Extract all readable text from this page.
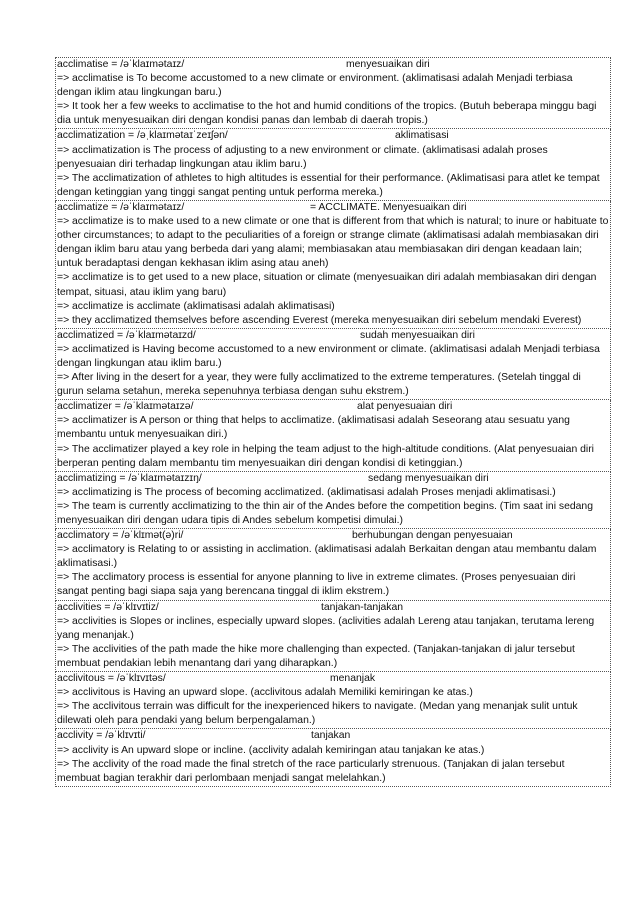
acclimatise = /əˈklaɪmətaɪz/	menyesuaikan diri
=> acclimatise is To become accustomed to a new climate or environment. (aklimatisasi adalah Menjadi terbiasa dengan iklim atau lingkungan baru.)
=> It took her a few weeks to acclimatise to the hot and humid conditions of the tropics. (Butuh beberapa minggu bagi dia untuk menyesuaikan diri dengan kondisi panas dan lembab di daerah tropis.)
acclimatization = /əˌklaɪmətaɪˈzeɪʃən/	aklimatisasi
=> acclimatization is The process of adjusting to a new environment or climate. (aklimatisasi adalah proses penyesuaian diri terhadap lingkungan atau iklim baru.)
=> The acclimatization of athletes to high altitudes is essential for their performance. (Aklimatisasi para atlet ke tempat dengan ketinggian yang tinggi sangat penting untuk performa mereka.)
acclimatize = /əˈklaɪmətaɪz/	= ACCLIMATE. Menyesuaikan diri
=> acclimatize is to make used to a new climate or one that is different from that which is natural; to inure or habituate to other circumstances; to adapt to the peculiarities of a foreign or strange climate (aklimatisasi adalah membiasakan diri dengan iklim baru atau yang berbeda dari yang alami; membiasakan atau membiasakan diri dengan keadaan lain; untuk beradaptasi dengan kekhasan iklim asing atau aneh)
=> acclimatize is to get used to a new place, situation or climate (menyesuaikan diri adalah membiasakan diri dengan tempat, situasi, atau iklim yang baru)
=> acclimatize is acclimate (aklimatisasi adalah aklimatisasi)
=> they acclimatized themselves before ascending Everest (mereka menyesuaikan diri sebelum mendaki Everest)
acclimatized = /əˈklaɪmətaɪzd/	sudah menyesuaikan diri
=> acclimatized is Having become accustomed to a new environment or climate. (aklimatisasi adalah Menjadi terbiasa dengan lingkungan atau iklim baru.)
=> After living in the desert for a year, they were fully acclimatized to the extreme temperatures. (Setelah tinggal di gurun selama setahun, mereka sepenuhnya terbiasa dengan suhu ekstrem.)
acclimatizer = /əˈklaɪmətaɪzə/	alat penyesuaian diri
=> acclimatizer is A person or thing that helps to acclimatize. (aklimatisasi adalah Seseorang atau sesuatu yang membantu untuk menyesuaikan diri.)
=> The acclimatizer played a key role in helping the team adjust to the high-altitude conditions. (Alat penyesuaian diri berperan penting dalam membantu tim menyesuaikan diri dengan kondisi di ketinggian.)
acclimatizing = /əˈklaɪmətaɪzɪŋ/	sedang menyesuaikan diri
=> acclimatizing is The process of becoming acclimatized. (aklimatisasi adalah Proses menjadi aklimatisasi.)
=> The team is currently acclimatizing to the thin air of the Andes before the competition begins. (Tim saat ini sedang menyesuaikan diri dengan udara tipis di Andes sebelum kompetisi dimulai.)
acclimatory = /əˈklɪmət(ə)ri/	berhubungan dengan penyesuaian
=> acclimatory is Relating to or assisting in acclimation. (aklimatisasi adalah Berkaitan dengan atau membantu dalam aklimatisasi.)
=> The acclimatory process is essential for anyone planning to live in extreme climates. (Proses penyesuaian diri sangat penting bagi siapa saja yang berencana tinggal di iklim ekstrem.)
acclivities = /əˈklɪvɪtiz/	tanjakan-tanjakan
=> acclivities is Slopes or inclines, especially upward slopes. (aclivities adalah Lereng atau tanjakan, terutama lereng yang menanjak.)
=> The acclivities of the path made the hike more challenging than expected. (Tanjakan-tanjakan di jalur tersebut membuat pendakian lebih menantang dari yang diharapkan.)
acclivitous = /əˈklɪvɪtəs/	menanjak
=> acclivitous is Having an upward slope. (acclivitous adalah Memiliki kemiringan ke atas.)
=> The acclivitous terrain was difficult for the inexperienced hikers to navigate. (Medan yang menanjak sulit untuk dilewati oleh para pendaki yang belum berpengalaman.)
acclivity = /əˈklɪvɪti/	tanjakan
=> acclivity is An upward slope or incline. (acclivity adalah kemiringan atau tanjakan ke atas.)
=> The acclivity of the road made the final stretch of the race particularly strenuous. (Tanjakan di jalan tersebut membuat bagian terakhir dari perlombaan menjadi sangat melelahkan.)
